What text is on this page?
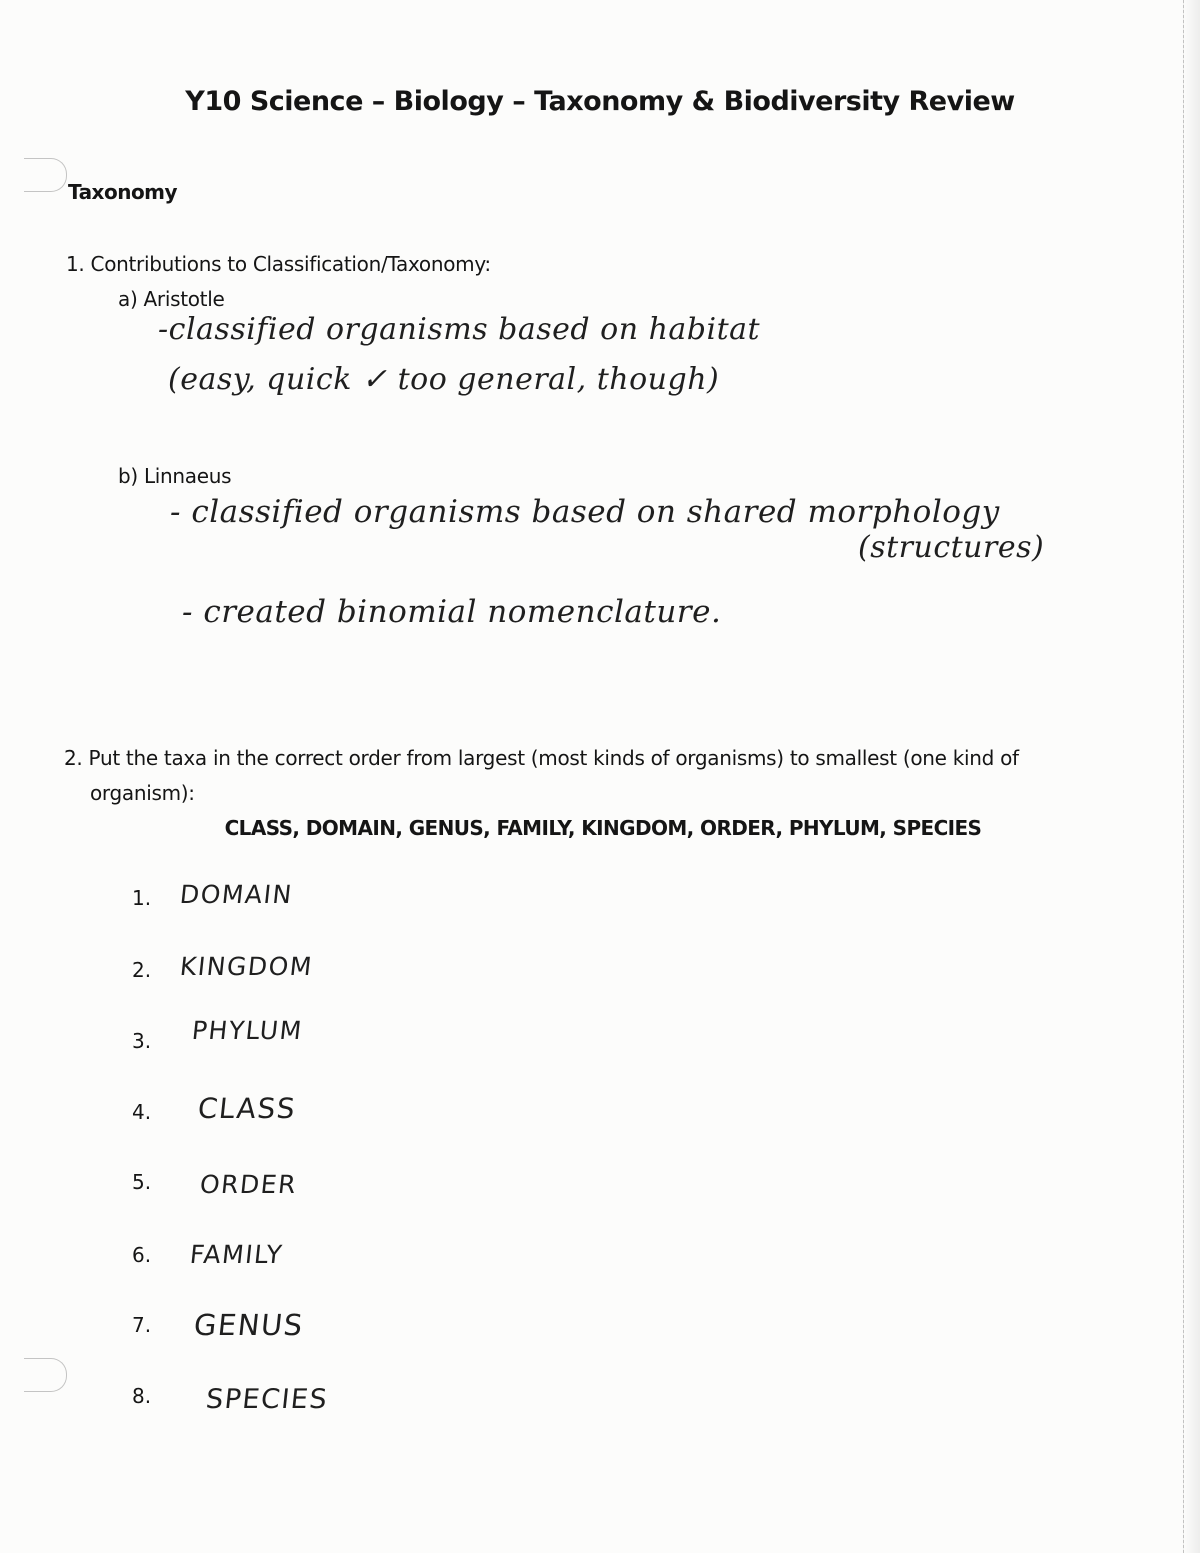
Y10 Science – Biology – Taxonomy & Biodiversity Review
Taxonomy
1. Contributions to Classification/Taxonomy:
a) Aristotle
-classified organisms based on habitat
(easy, quick ✓ too general, though)
b) Linnaeus
- classified organisms based on shared morphology
(structures)
- created binomial nomenclature.
2. Put the taxa in the correct order from largest (most kinds of organisms) to smallest (one kind of
organism):
CLASS, DOMAIN, GENUS, FAMILY, KINGDOM, ORDER, PHYLUM, SPECIES
1. DOMAIN
2. KINGDOM
3. PHYLUM
4. CLASS
5. ORDER
6. FAMILY
7. GENUS
8. SPECIES
